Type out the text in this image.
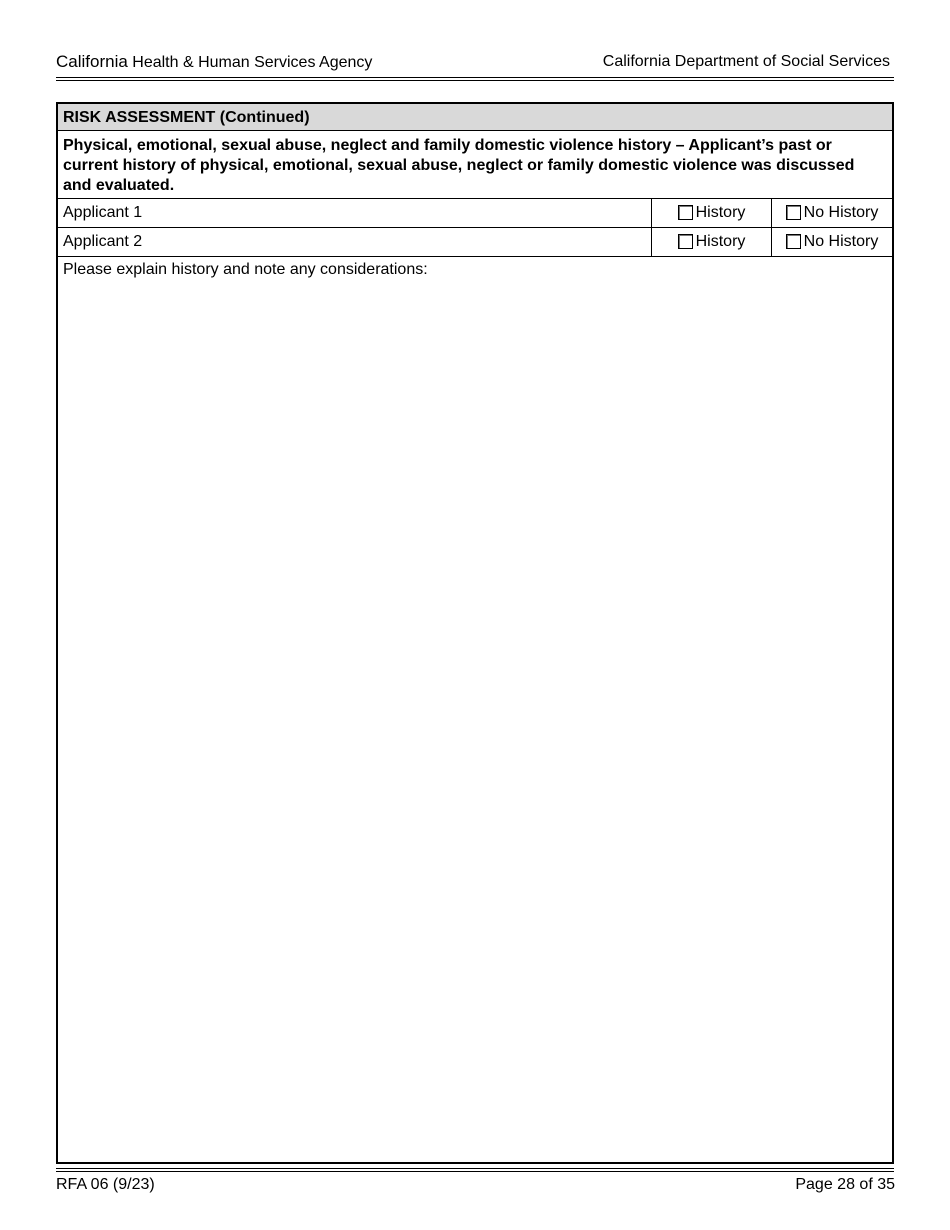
California Health & Human Services Agency	California Department of Social Services
RISK ASSESSMENT (Continued)
Physical, emotional, sexual abuse, neglect and family domestic violence history – Applicant’s past or current history of physical, emotional, sexual abuse, neglect or family domestic violence was discussed and evaluated.
Applicant 1	History	No History
Applicant 2	History	No History
Please explain history and note any considerations:
RFA 06 (9/23)	Page 28 of 35
